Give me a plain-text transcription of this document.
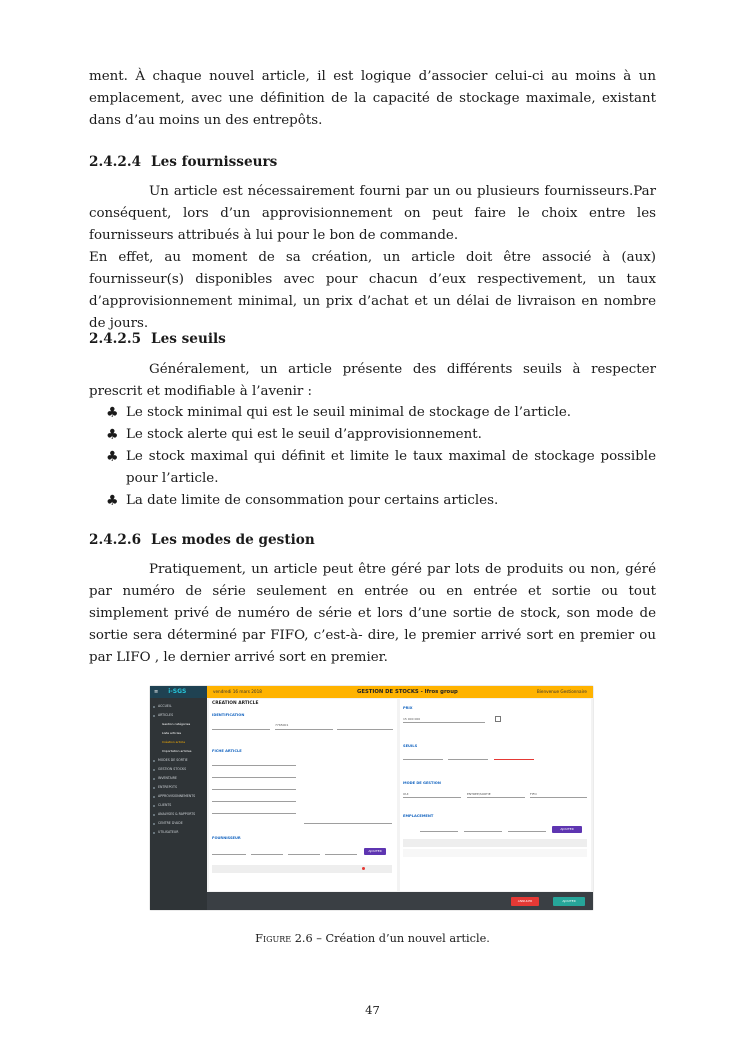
ment. À chaque nouvel article, il est logique d’associer celui-ci au moins à un emplacement, avec une définition de la capacité de stockage maximale, existant dans d’au moins un des entrepôts.

2.4.2.4 Les fournisseurs

Un article est nécessairement fourni par un ou plusieurs fournisseurs.Par conséquent, lors d’un approvisionnement on peut faire le choix entre les fournisseurs attribués à lui pour le bon de commande.

En effet, au moment de sa création, un article doit être associé à (aux) fournisseur(s) disponibles avec pour chacun d’eux respectivement, un taux d’approvisionnement minimal, un prix d’achat et un délai de livraison en nombre de jours.

2.4.2.5 Les seuils

Généralement, un article présente des différents seuils à respecter prescrit et modifiable à l’avenir :

♣ Le stock minimal qui est le seuil minimal de stockage de l’article.
♣ Le stock alerte qui est le seuil d’approvisionnement.
♣ Le stock maximal qui définit et limite le taux maximal de stockage possible pour l’article.
♣ La date limite de consommation pour certains articles.
2.4.2.6 Les modes de gestion

Pratiquement, un article peut être géré par lots de produits ou non, géré par numéro de série seulement en entrée ou en entrée et sortie ou tout simplement privé de numéro de série et lors d’une sortie de stock, son mode de sortie sera déterminé par FIFO, c’est-à- dire, le premier arrivé sort en premier ou par LIFO , le dernier arrivé sort en premier.

≡ i-SGS
ACCUEIL
ARTICLES
Gestion catégories
Liste articles
Création article
Importation articles
MODES DE SORTIE
GESTION STOCKS
INVENTAIRE
ENTREPOTS
APPROVISIONNEMENTS
CLIENTS
ANALYSES & RAPPORTS
CENTRE D'AIDE
UTILISATEUR
vendredi 16 mars 2018	GESTION DE STOCKS - Ifros group	Bienvenue Gestionnaire
CREATION ARTICLE
IDENTIFICATION
7765001
FICHE ARTICLE
FOURNISSEUR
AJOUTER
PRIX
15 000 000
SEUILS
MODE DE GESTION
OUI	ENTREE/SORTIE	FIFO
EMPLACEMENT
AJOUTER
ANNULER	AJOUTER
Figure 2.6 – Création d’un nouvel article.
47
